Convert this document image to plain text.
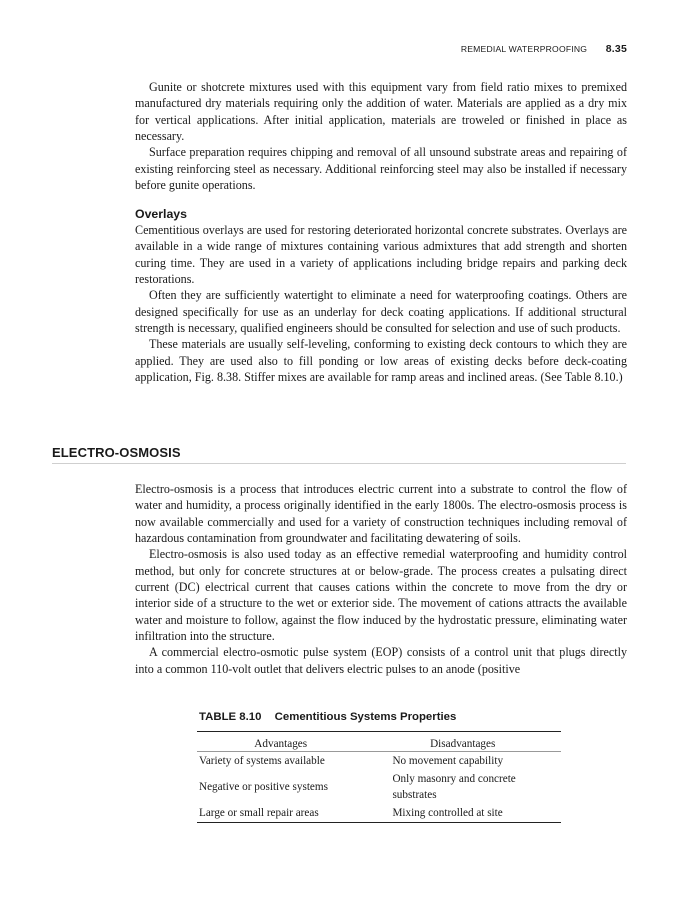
REMEDIAL WATERPROOFING 8.35

Gunite or shotcrete mixtures used with this equipment vary from field ratio mixes to premixed manufactured dry materials requiring only the addition of water. Materials are applied as a dry mix for vertical applications. After initial application, materials are troweled or finished in place as necessary.

Surface preparation requires chipping and removal of all unsound substrate areas and repairing of existing reinforcing steel as necessary. Additional reinforcing steel may also be installed if necessary before gunite operations.

Overlays

Cementitious overlays are used for restoring deteriorated horizontal concrete substrates. Overlays are available in a wide range of mixtures containing various admixtures that add strength and shorten curing time. They are used in a variety of applications including bridge repairs and parking deck restorations.

Often they are sufficiently watertight to eliminate a need for waterproofing coatings. Others are designed specifically for use as an underlay for deck coating applications. If additional structural strength is necessary, qualified engineers should be consulted for selection and use of such products.

These materials are usually self-leveling, conforming to existing deck contours to which they are applied. They are used also to fill ponding or low areas of existing decks before deck-coating application, Fig. 8.38. Stiffer mixes are available for ramp areas and inclined areas. (See Table 8.10.)

ELECTRO-OSMOSIS

Electro-osmosis is a process that introduces electric current into a substrate to control the flow of water and humidity, a process originally identified in the early 1800s. The electro-osmosis process is now available commercially and used for a variety of construction techniques including removal of hazardous contamination from groundwater and facilitating dewatering of soils.

Electro-osmosis is also used today as an effective remedial waterproofing and humidity control method, but only for concrete structures at or below-grade. The process creates a pulsating direct current (DC) electrical current that causes cations within the concrete to move from the dry or interior side of a structure to the wet or exterior side. The movement of cations attracts the available water and moisture to follow, against the flow induced by the hydrostatic pressure, eliminating water infiltration into the structure.

A commercial electro-osmotic pulse system (EOP) consists of a control unit that plugs directly into a common 110-volt outlet that delivers electric pulses to an anode (positive

TABLE 8.10 Cementitious Systems Properties
Advantages	Disadvantages
Variety of systems available	No movement capability
Negative or positive systems	Only masonry and concrete substrates
Large or small repair areas	Mixing controlled at site
